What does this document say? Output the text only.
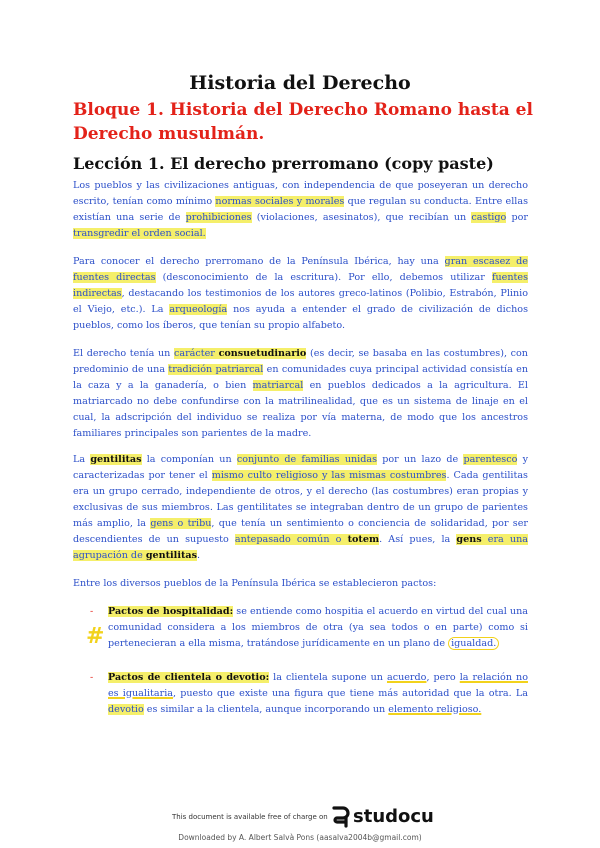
Historia del Derecho
Bloque 1. Historia del Derecho Romano hasta el Derecho musulmán.
Lección 1. El derecho prerromano (copy paste)

Los pueblos y las civilizaciones antiguas, con independencia de que poseyeran un derecho escrito, tenían como mínimo normas sociales y morales que regulan su conducta. Entre ellas existían una serie de prohibiciones (violaciones, asesinatos), que recibían un castigo por transgredir el orden social.

Para conocer el derecho prerromano de la Península Ibérica, hay una gran escasez de fuentes directas (desconocimiento de la escritura). Por ello, debemos utilizar fuentes indirectas, destacando los testimonios de los autores greco-latinos (Polibio, Estrabón, Plinio el Viejo, etc.). La arqueología nos ayuda a entender el grado de civilización de dichos pueblos, como los íberos, que tenían su propio alfabeto.

El derecho tenía un carácter consuetudinario (es decir, se basaba en las costumbres), con predominio de una tradición patriarcal en comunidades cuya principal actividad consistía en la caza y a la ganadería, o bien matriarcal en pueblos dedicados a la agricultura. El matriarcado no debe confundirse con la matrilinealidad, que es un sistema de linaje en el cual, la adscripción del individuo se realiza por vía materna, de modo que los ancestros familiares principales son parientes de la madre.

La gentilitas la componían un conjunto de familias unidas por un lazo de parentesco y caracterizadas por tener el mismo culto religioso y las mismas costumbres. Cada gentilitas era un grupo cerrado, independiente de otros, y el derecho (las costumbres) eran propias y exclusivas de sus miembros. Las gentilitates se integraban dentro de un grupo de parientes más amplio, la gens o tribu, que tenía un sentimiento o conciencia de solidaridad, por ser descendientes de un supuesto antepasado común o totem. Así pues, la gens era una agrupación de gentilitas.

Entre los diversos pueblos de la Península Ibérica se establecieron pactos:

- Pactos de hospitalidad: se entiende como hospitia el acuerdo en virtud del cual una comunidad considera a los miembros de otra (ya sea todos o en parte) como si pertenecieran a ella misma, tratándose jurídicamente en un plano de igualdad.
- Pactos de clientela o devotio: la clientela supone un acuerdo, pero la relación no es igualitaria, puesto que existe una figura que tiene más autoridad que la otra. La devotio es similar a la clientela, aunque incorporando un elemento religioso.
#
This document is available free of charge on studocu
Downloaded by A. Albert Salvà Pons (aasalva2004b@gmail.com)
